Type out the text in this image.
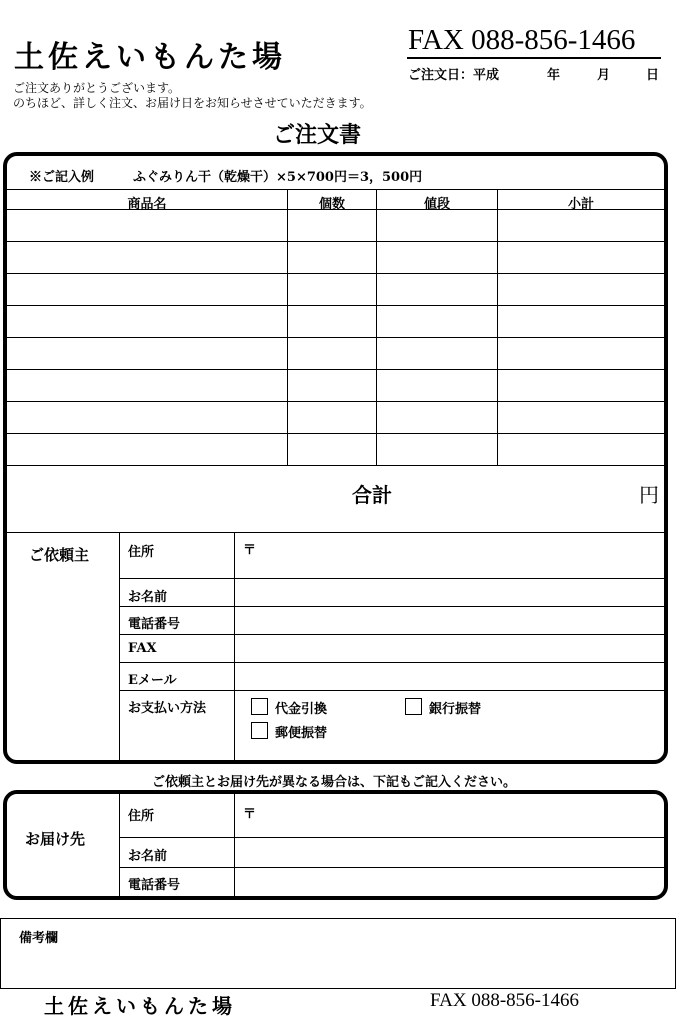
土佐えいもんた場	FAX 088-856-1466
ご注文日：平成	年	月	日
ご注文ありがとうございます。
のちほど、詳しく注文、お届け日をお知らせさせていただきます。
ご注文書
※ご記入例　　　ふぐみりん干（乾燥干）×5×700円＝3，500円
商品名	個数	値段	小計
合計	円
ご依頼主	住所	〒
お名前
電話番号
FAX
Eメール
お支払い方法	代金引換	銀行振替
郵便振替
ご依頼主とお届け先が異なる場合は、下記もご記入ください。
お届け先
住所	〒
お名前
電話番号
備考欄
土佐えいもんた場	FAX 088-856-1466
